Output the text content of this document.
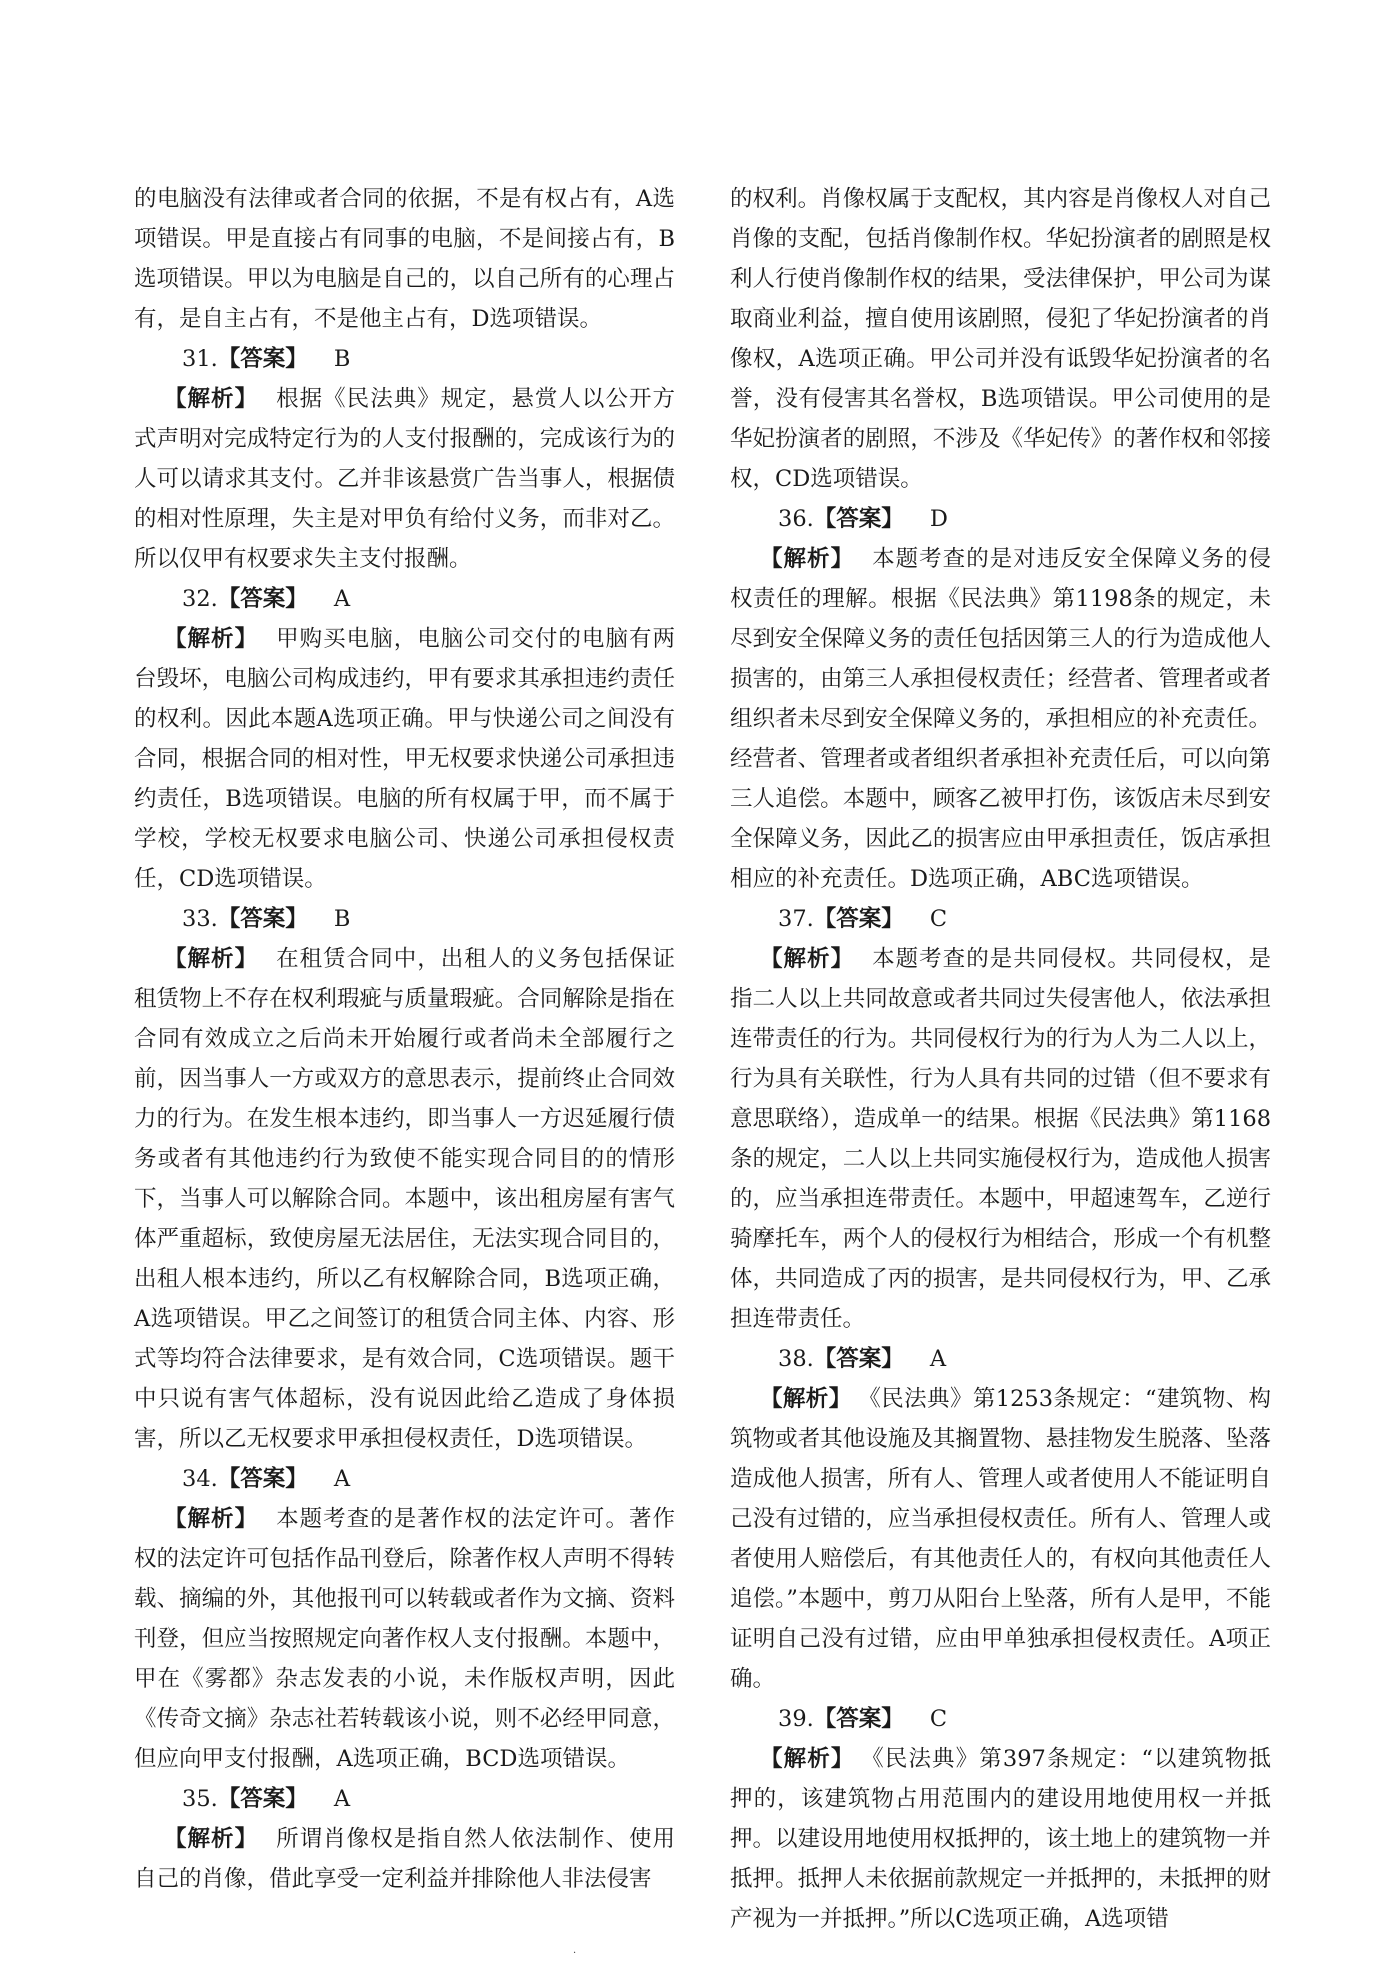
的电脑没有法律或者合同的依据，不是有权占有，A选项错误。甲是直接占有同事的电脑，不是间接占有，B选项错误。甲以为电脑是自己的，以自己所有的心理占有，是自主占有，不是他主占有，D选项错误。

31.【答案】 B

【解析】 根据《民法典》规定，悬赏人以公开方式声明对完成特定行为的人支付报酬的，完成该行为的人可以请求其支付。乙并非该悬赏广告当事人，根据债的相对性原理，失主是对甲负有给付义务，而非对乙。所以仅甲有权要求失主支付报酬。

32.【答案】 A

【解析】 甲购买电脑，电脑公司交付的电脑有两台毁坏，电脑公司构成违约，甲有要求其承担违约责任的权利。因此本题A选项正确。甲与快递公司之间没有合同，根据合同的相对性，甲无权要求快递公司承担违约责任，B选项错误。电脑的所有权属于甲，而不属于学校，学校无权要求电脑公司、快递公司承担侵权责任，CD选项错误。

33.【答案】 B

【解析】 在租赁合同中，出租人的义务包括保证租赁物上不存在权利瑕疵与质量瑕疵。合同解除是指在合同有效成立之后尚未开始履行或者尚未全部履行之前，因当事人一方或双方的意思表示，提前终止合同效力的行为。在发生根本违约，即当事人一方迟延履行债务或者有其他违约行为致使不能实现合同目的的情形下，当事人可以解除合同。本题中，该出租房屋有害气体严重超标，致使房屋无法居住，无法实现合同目的，出租人根本违约，所以乙有权解除合同，B选项正确，A选项错误。甲乙之间签订的租赁合同主体、内容、形式等均符合法律要求，是有效合同，C选项错误。题干中只说有害气体超标，没有说因此给乙造成了身体损害，所以乙无权要求甲承担侵权责任，D选项错误。

34.【答案】 A

【解析】 本题考查的是著作权的法定许可。著作权的法定许可包括作品刊登后，除著作权人声明不得转载、摘编的外，其他报刊可以转载或者作为文摘、资料刊登，但应当按照规定向著作权人支付报酬。本题中，甲在《雾都》杂志发表的小说，未作版权声明，因此《传奇文摘》杂志社若转载该小说，则不必经甲同意，但应向甲支付报酬，A选项正确，BCD选项错误。

35.【答案】 A

【解析】 所谓肖像权是指自然人依法制作、使用自己的肖像，借此享受一定利益并排除他人非法侵害

的权利。肖像权属于支配权，其内容是肖像权人对自己肖像的支配，包括肖像制作权。华妃扮演者的剧照是权利人行使肖像制作权的结果，受法律保护，甲公司为谋取商业利益，擅自使用该剧照，侵犯了华妃扮演者的肖像权，A选项正确。甲公司并没有诋毁华妃扮演者的名誉，没有侵害其名誉权，B选项错误。甲公司使用的是华妃扮演者的剧照，不涉及《华妃传》的著作权和邻接权，CD选项错误。

36.【答案】 D

【解析】 本题考查的是对违反安全保障义务的侵权责任的理解。根据《民法典》第1198条的规定，未尽到安全保障义务的责任包括因第三人的行为造成他人损害的，由第三人承担侵权责任；经营者、管理者或者组织者未尽到安全保障义务的，承担相应的补充责任。经营者、管理者或者组织者承担补充责任后，可以向第三人追偿。本题中，顾客乙被甲打伤，该饭店未尽到安全保障义务，因此乙的损害应由甲承担责任，饭店承担相应的补充责任。D选项正确，ABC选项错误。

37.【答案】 C

【解析】 本题考查的是共同侵权。共同侵权，是指二人以上共同故意或者共同过失侵害他人，依法承担连带责任的行为。共同侵权行为的行为人为二人以上，行为具有关联性，行为人具有共同的过错（但不要求有意思联络），造成单一的结果。根据《民法典》第1168条的规定，二人以上共同实施侵权行为，造成他人损害的，应当承担连带责任。本题中，甲超速驾车，乙逆行骑摩托车，两个人的侵权行为相结合，形成一个有机整体，共同造成了丙的损害，是共同侵权行为，甲、乙承担连带责任。

38.【答案】 A

【解析】 《民法典》第1253条规定：“建筑物、构筑物或者其他设施及其搁置物、悬挂物发生脱落、坠落造成他人损害，所有人、管理人或者使用人不能证明自己没有过错的，应当承担侵权责任。所有人、管理人或者使用人赔偿后，有其他责任人的，有权向其他责任人追偿。”本题中，剪刀从阳台上坠落，所有人是甲，不能证明自己没有过错，应由甲单独承担侵权责任。A项正确。

39.【答案】 C

【解析】 《民法典》第397条规定：“以建筑物抵押的，该建筑物占用范围内的建设用地使用权一并抵押。以建设用地使用权抵押的，该土地上的建筑物一并抵押。抵押人未依据前款规定一并抵押的，未抵押的财产视为一并抵押。”所以C选项正确，A选项错

·
